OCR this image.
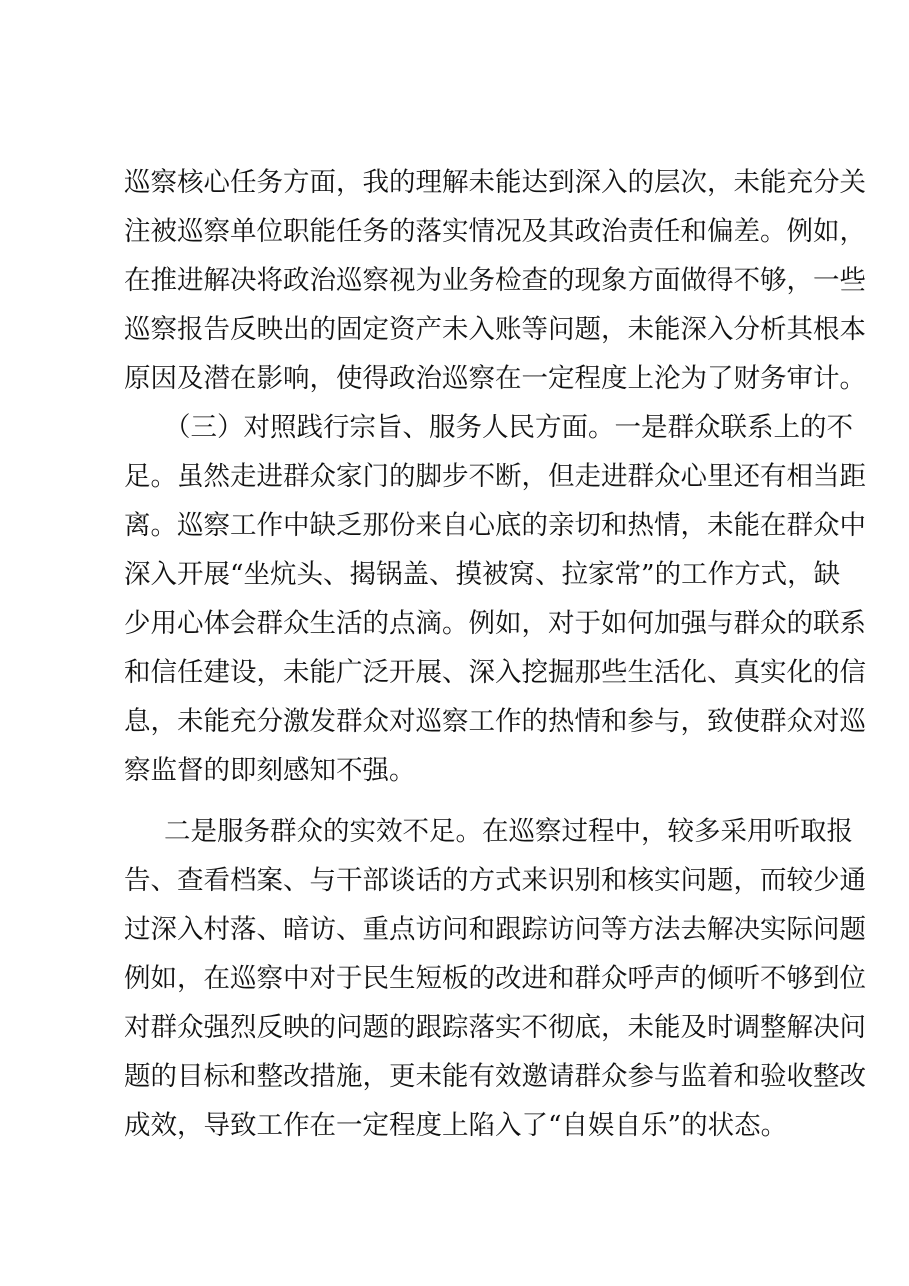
巡察核心任务方面，我的理解未能达到深入的层次，未能充分关
注被巡察单位职能任务的落实情况及其政治责任和偏差。例如，
在推进解决将政治巡察视为业务检查的现象方面做得不够，一些
巡察报告反映出的固定资产未入账等问题，未能深入分析其根本
原因及潜在影响，使得政治巡察在一定程度上沦为了财务审计。
（三）对照践行宗旨、服务人民方面。一是群众联系上的不
足。虽然走进群众家门的脚步不断，但走进群众心里还有相当距
离。巡察工作中缺乏那份来自心底的亲切和热情，未能在群众中
深入开展“坐炕头、揭锅盖、摸被窝、拉家常”的工作方式，缺
少用心体会群众生活的点滴。例如，对于如何加强与群众的联系
和信任建设，未能广泛开展、深入挖掘那些生活化、真实化的信
息，未能充分激发群众对巡察工作的热情和参与，致使群众对巡
察监督的即刻感知不强。
二是服务群众的实效不足。在巡察过程中，较多采用听取报
告、查看档案、与干部谈话的方式来识别和核实问题，而较少通
过深入村落、暗访、重点访问和跟踪访问等方法去解决实际问题
例如，在巡察中对于民生短板的改进和群众呼声的倾听不够到位
对群众强烈反映的问题的跟踪落实不彻底，未能及时调整解决问
题的目标和整改措施，更未能有效邀请群众参与监着和验收整改
成效，导致工作在一定程度上陷入了“自娱自乐”的状态。
